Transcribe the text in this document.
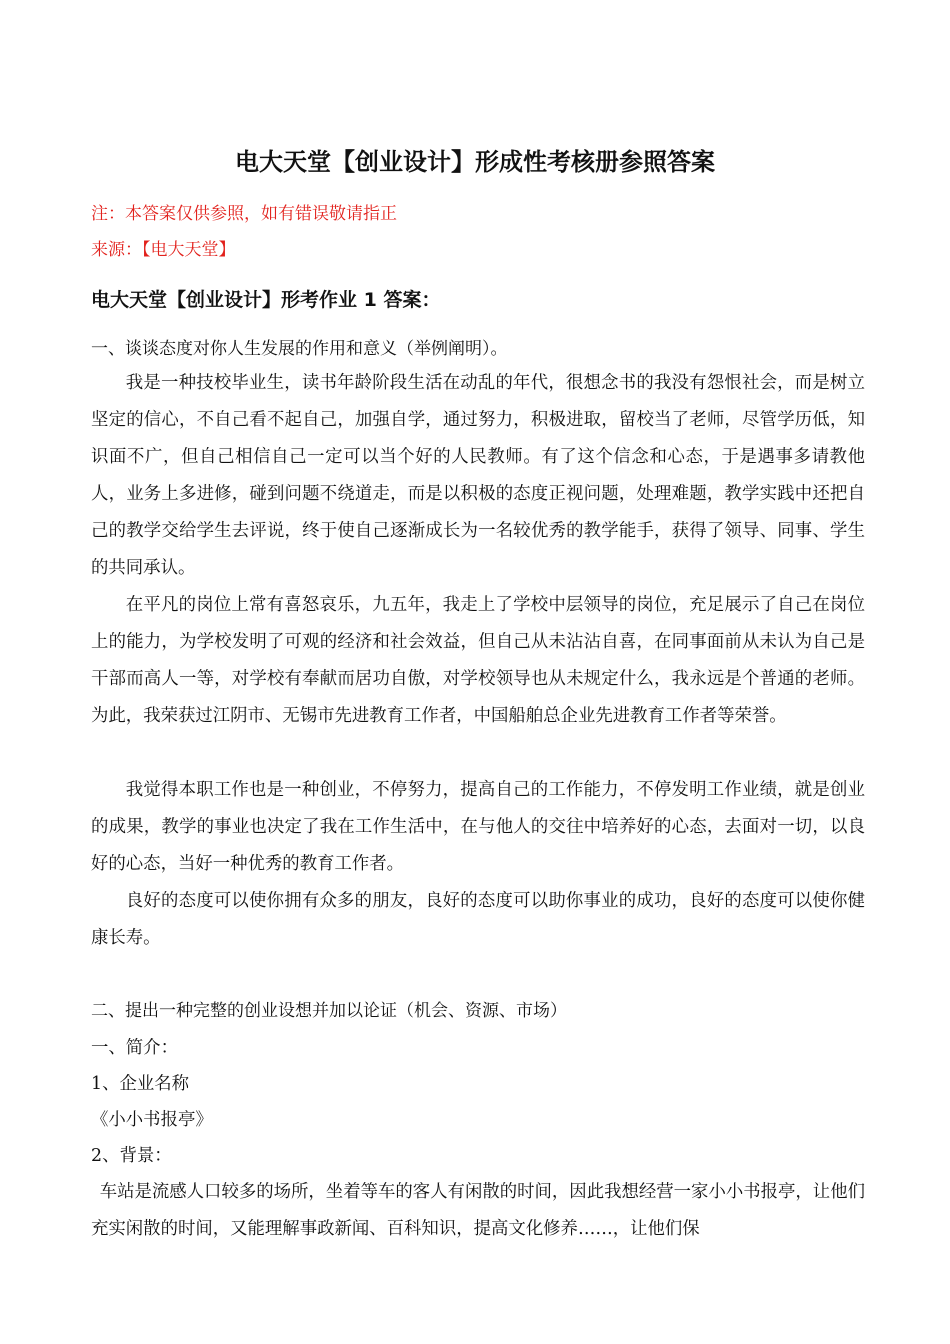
电大天堂【创业设计】形成性考核册参照答案

注：本答案仅供参照，如有错误敬请指正

来源：【电大天堂】

电大天堂【创业设计】形考作业 1 答案：

一、谈谈态度对你人生发展的作用和意义（举例阐明）。

我是一种技校毕业生，读书年龄阶段生活在动乱的年代，很想念书的我没有怨恨社会，而是树立坚定的信心，不自己看不起自己，加强自学，通过努力，积极进取，留校当了老师，尽管学历低，知识面不广，但自己相信自己一定可以当个好的人民教师。有了这个信念和心态，于是遇事多请教他人，业务上多进修，碰到问题不绕道走，而是以积极的态度正视问题，处理难题，教学实践中还把自己的教学交给学生去评说，终于使自己逐渐成长为一名较优秀的教学能手，获得了领导、同事、学生的共同承认。

在平凡的岗位上常有喜怒哀乐，九五年，我走上了学校中层领导的岗位，充足展示了自己在岗位上的能力，为学校发明了可观的经济和社会效益，但自己从未沾沾自喜，在同事面前从未认为自己是干部而高人一等，对学校有奉献而居功自傲，对学校领导也从未规定什么，我永远是个普通的老师。为此，我荣获过江阴市、无锡市先进教育工作者，中国船舶总企业先进教育工作者等荣誉。

我觉得本职工作也是一种创业，不停努力，提高自己的工作能力，不停发明工作业绩，就是创业的成果，教学的事业也决定了我在工作生活中，在与他人的交往中培养好的心态，去面对一切，以良好的心态，当好一种优秀的教育工作者。

良好的态度可以使你拥有众多的朋友，良好的态度可以助你事业的成功，良好的态度可以使你健康长寿。

二、提出一种完整的创业设想并加以论证（机会、资源、市场）

一、简介：

1、企业名称

《小小书报亭》

2、背景：

车站是流感人口较多的场所，坐着等车的客人有闲散的时间，因此我想经营一家小小书报亭，让他们充实闲散的时间，又能理解事政新闻、百科知识，提高文化修养……，让他们保
